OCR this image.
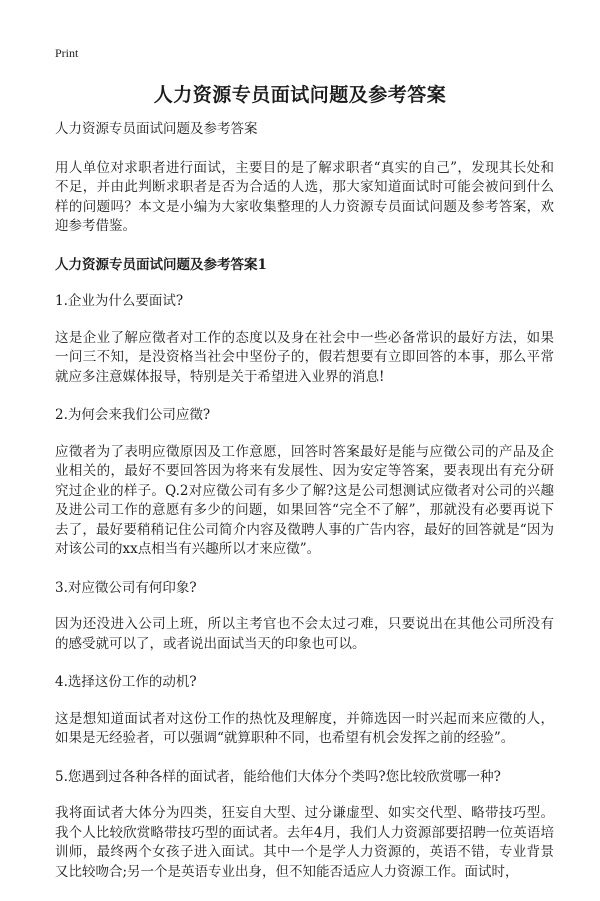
Print
人力资源专员面试问题及参考答案

人力资源专员面试问题及参考答案

用人单位对求职者进行面试，主要目的是了解求职者“真实的自己”，发现其长处和不足，并由此判断求职者是否为合适的人选，那大家知道面试时可能会被问到什么样的问题吗？本文是小编为大家收集整理的人力资源专员面试问题及参考答案，欢迎参考借鉴。

人力资源专员面试问题及参考答案1

1.企业为什么要面试?

这是企业了解应徵者对工作的态度以及身在社会中一些必备常识的最好方法，如果一问三不知，是没资格当社会中坚份子的，假若想要有立即回答的本事，那么平常就应多注意媒体报导，特别是关于希望进入业界的消息!

2.为何会来我们公司应徵?

应徵者为了表明应徵原因及工作意愿，回答时答案最好是能与应徵公司的产品及企业相关的，最好不要回答因为将来有发展性、因为安定等答案，要表现出有充分研究过企业的样子。Q.2对应徵公司有多少了解?这是公司想测试应徵者对公司的兴趣及进公司工作的意愿有多少的问题，如果回答“完全不了解”，那就没有必要再说下去了，最好要稍稍记住公司简介内容及徵聘人事的广告内容，最好的回答就是“因为对该公司的xx点相当有兴趣所以才来应徵”。

3.对应徵公司有何印象?

因为还没进入公司上班，所以主考官也不会太过刁难，只要说出在其他公司所没有的感受就可以了，或者说出面试当天的印象也可以。

4.选择这份工作的动机?

这是想知道面试者对这份工作的热忱及理解度，并筛选因一时兴起而来应徵的人，如果是无经验者，可以强调“就算职种不同，也希望有机会发挥之前的经验”。

5.您遇到过各种各样的面试者，能给他们大体分个类吗?您比较欣赏哪一种?

我将面试者大体分为四类，狂妄自大型、过分谦虚型、如实交代型、略带技巧型。我个人比较欣赏略带技巧型的面试者。去年4月，我们人力资源部要招聘一位英语培训师，最终两个女孩子进入面试。其中一个是学人力资源的，英语不错，专业背景又比较吻合;另一个是英语专业出身，但不知能否适应人力资源工作。面试时，
